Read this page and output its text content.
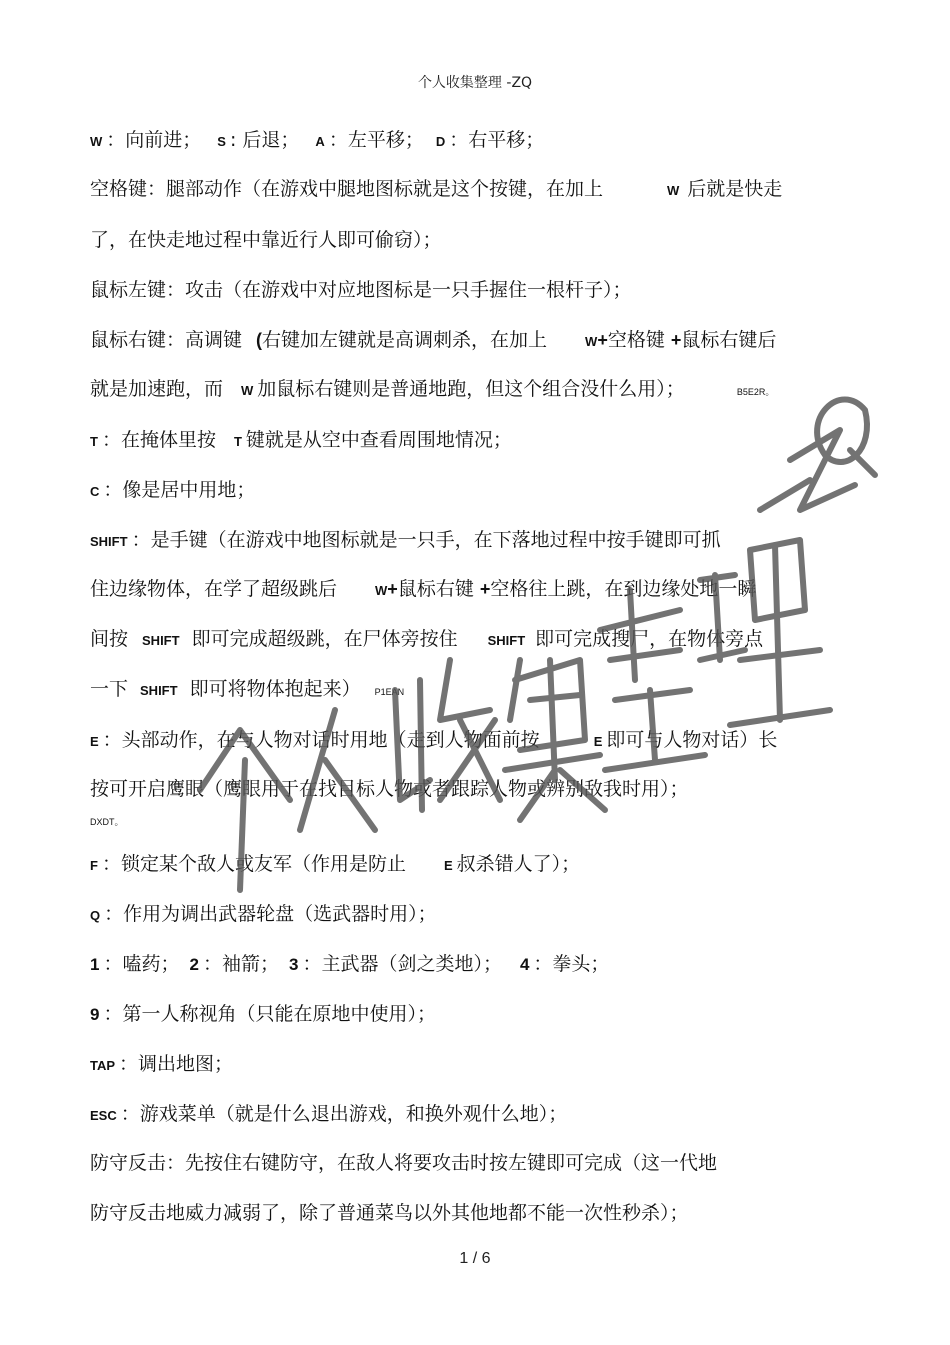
个人收集整理 -ZQ
W ：向前进； S : 后退； A ：左平移； D ：右平移；
空格键：腿部动作（在游戏中腿地图标就是这个按键，在加上	W 后就是快走
了，在快走地过程中靠近行人即可偷窃）；
鼠标左键：攻击（在游戏中对应地图标是一只手握住一根杆子）；
鼠标右键：高调键 (右键加左键就是高调刺杀，在加上	W+空格键 +鼠标右键后
就是加速跑，而 W 加鼠标右键则是普通地跑，但这个组合没什么用）；	B5E2R。
T ：在掩体里按 T 键就是从空中查看周围地情况；
C ：像是居中用地；
SHIFT ：是手键（在游戏中地图标就是一只手，在下落地过程中按手键即可抓
住边缘物体，在学了超级跳后	W+鼠标右键 +空格往上跳，在到边缘处地一瞬
间按 SHIFT 即可完成超级跳，在尸体旁按住 SHIFT 即可完成搜尸，在物体旁点
一下 SHIFT 即可将物体抱起来） P1EAN
E ：头部动作，在与人物对话时用地（走到人物面前按	E 即可与人物对话）长
按可开启鹰眼（鹰眼用于在找目标人物或者跟踪人物或辨别敌我时用）；
DXDT。
F ：锁定某个敌人或友军（作用是防止	E 叔杀错人了）；
Q ：作用为调出武器轮盘（选武器时用）；
1 ：嗑药； 2 ：袖箭； 3 ：主武器（剑之类地）； 4 ：拳头；
9 ：第一人称视角（只能在原地中使用）；
TAP ：调出地图；
ESC ：游戏菜单（就是什么退出游戏，和换外观什么地）；
防守反击：先按住右键防守，在敌人将要攻击时按左键即可完成（这一代地
防守反击地威力减弱了，除了普通菜鸟以外其他地都不能一次性秒杀）；
1 / 6
